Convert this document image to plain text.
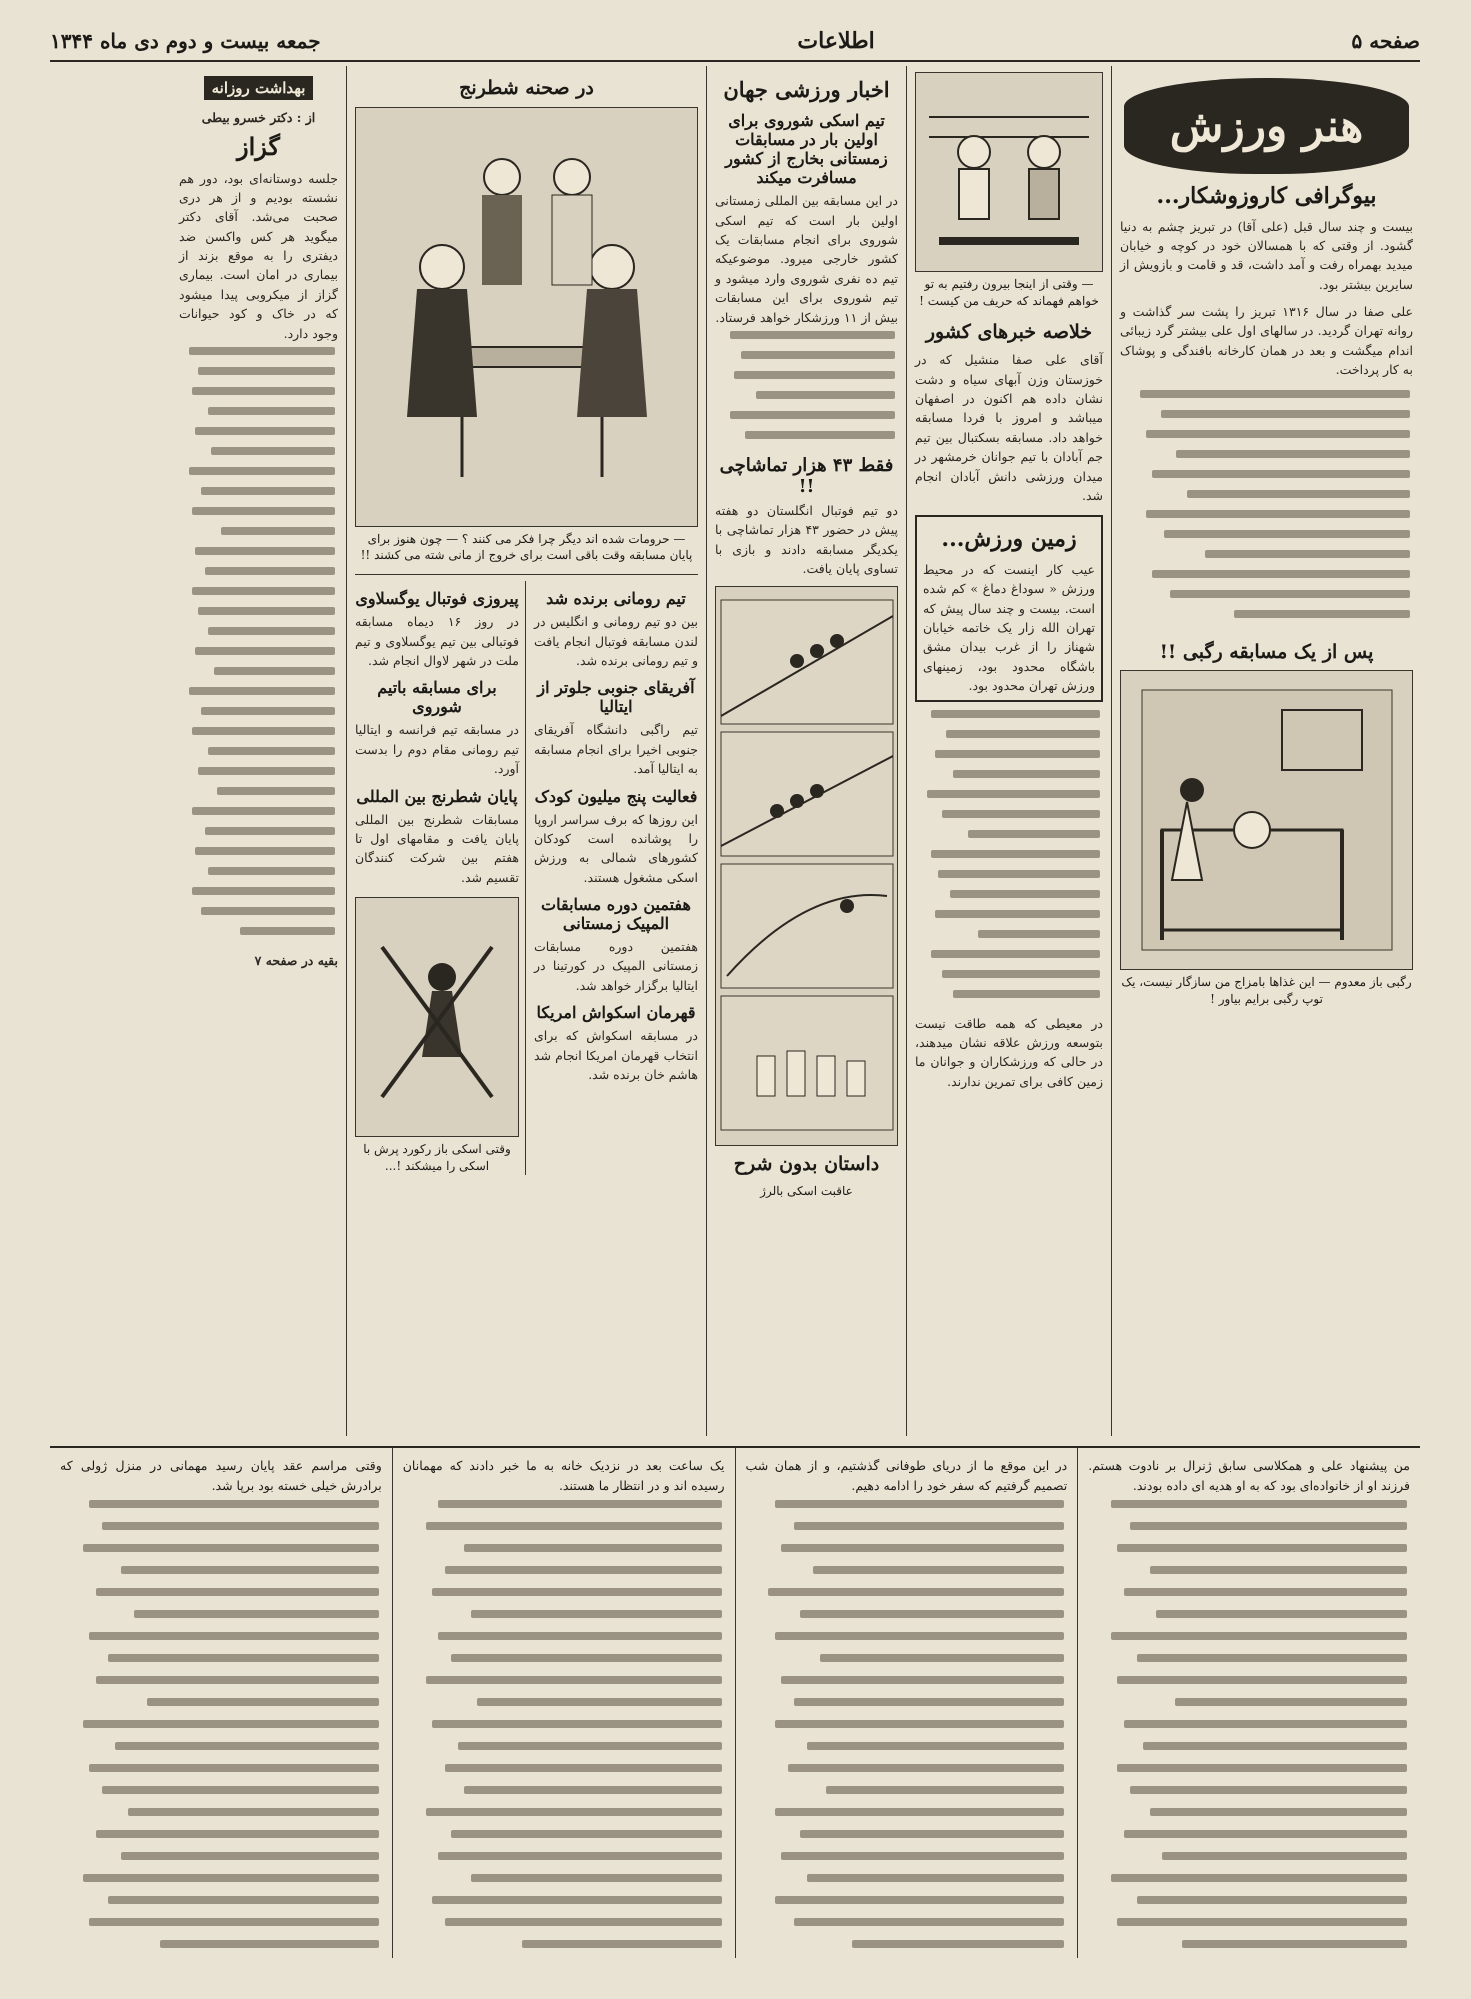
صفحه ۵
اطلاعات
جمعه بیست و دوم دی ماه ۱۳۴۴
هنر ورزش
بیوگرافی کاروزوشکار...
بیست و چند سال قبل (علی آقا) در تبریز چشم به دنیا گشود. از وقتی که با همسالان خود در کوچه و خیابان میدید بهمراه رفت و آمد داشت، قد و قامت و بازویش از سایرین بیشتر بود.
علی صفا در سال ۱۳۱۶ تبریز را پشت سر گذاشت و روانه تهران گردید. در سالهای اول علی بیشتر گرد زیبائی اندام میگشت و بعد در همان کارخانه بافندگی و پوشاک به کار پرداخت.
پس از یک مسابقه رگبی !!
رگبی باز معدوم — این غذاها بامزاج من سازگار نیست، یک توپ رگبی برایم بیاور !
— وقتی از اینجا بیرون رفتیم به تو خواهم فهماند که حریف من کیست !
خلاصه خبرهای کشور
آقای علی صفا منشیل که در خوزستان وزن آبهای سیاه و دشت نشان داده هم اکنون در اصفهان میباشد و امروز با فردا مسابقه خواهد داد. مسابقه بسکتبال بین تیم جم آبادان با تیم جوانان خرمشهر در میدان ورزشی دانش آبادان انجام شد.
زمین ورزش...
عیب کار اینست که در محیط ورزش « سوداغ دماغ » کم شده است. بیست و چند سال پیش که تهران الله زار یک خاتمه خیابان شهناز را از غرب بیدان مشق باشگاه محدود بود، زمینهای ورزش تهران محدود بود.
در معیطی که همه طاقت نیست بتوسعه ورزش علاقه نشان میدهند، در حالی که ورزشکاران و جوانان ما زمین کافی برای تمرین ندارند.
اخبار ورزشی جهان
تیم اسکی شوروی برای اولین بار در مسابقات زمستانی بخارج از کشور مسافرت میکند
در این مسابقه بین المللی زمستانی اولین بار است که تیم اسکی شوروی برای انجام مسابقات یک کشور خارجی میرود. موضوعیکه تیم ده نفری شوروی وارد میشود و تیم شوروی برای این مسابقات بیش از ۱۱ ورزشکار خواهد فرستاد.
فقط ۴۳ هزار تماشاچی !!
دو تیم فوتبال انگلستان دو هفته پیش در حضور ۴۳ هزار تماشاچی با یکدیگر مسابقه دادند و بازی با تساوی پایان یافت.
داستان بدون شرح
عاقبت اسکی بالرژ
در صحنه شطرنج
— حرومات شده اند دیگر چرا فکر می کنند ؟ — چون هنوز برای پایان مسابقه وقت باقی است برای خروج از مانی شته می کشند !!
تیم رومانی برنده شد
بین دو تیم رومانی و انگلیس در لندن مسابقه فوتبال انجام یافت و تیم رومانی برنده شد.
آفریقای جنوبی جلوتر از ایتالیا
تیم راگبی دانشگاه آفریقای جنوبی اخیرا برای انجام مسابقه به ایتالیا آمد.
فعالیت پنج میلیون کودک
این روزها که برف سراسر اروپا را پوشانده است کودکان کشورهای شمالی به ورزش اسکی مشغول هستند.
هفتمین دوره مسابقات المپیک زمستانی
هفتمین دوره مسابقات زمستانی المپیک در کورتینا در ایتالیا برگزار خواهد شد.
قهرمان اسکواش امریکا
در مسابقه اسکواش که برای انتخاب قهرمان امریکا انجام شد هاشم خان برنده شد.
پیروزی فوتبال یوگسلاوی
در روز ۱۶ دیماه مسابقه فوتبالی بین تیم یوگسلاوی و تیم ملت در شهر لاوال انجام شد.
برای مسابقه باتیم شوروی
در مسابقه تیم فرانسه و ایتالیا تیم رومانی مقام دوم را بدست آورد.
پایان شطرنج بین المللی
مسابقات شطرنج بین المللی پایان یافت و مقامهای اول تا هفتم بین شرکت کنندگان تقسیم شد.
وقتی اسکی باز رکورد پرش با اسکی را میشکند !...
بهداشت روزانه
از : دکتر خسرو بیطی
گزاز
جلسه دوستانه‌ای بود، دور هم نشسته بودیم و از هر دری صحبت می‌شد. آقای دکتر میگوید هر کس واکسن ضد دیفتری را به موقع بزند از بیماری در امان است. بیماری گزاز از میکروبی پیدا میشود که در خاک و کود حیوانات وجود دارد.
بقیه در صفحه ۷
من پیشنهاد علی و همکلاسی سابق ژنرال بر نادوت هستم. فرزند او از خانواده‌ای بود که به او هدیه ای داده بودند.
در این موقع ما از دریای طوفانی گذشتیم، و از همان شب تصمیم گرفتیم که سفر خود را ادامه دهیم.
یک ساعت بعد در نزدیک خانه به ما خبر دادند که مهمانان رسیده اند و در انتظار ما هستند.
وقتی مراسم عقد پایان رسید مهمانی در منزل ژولی که برادرش خیلی خسته بود برپا شد.
